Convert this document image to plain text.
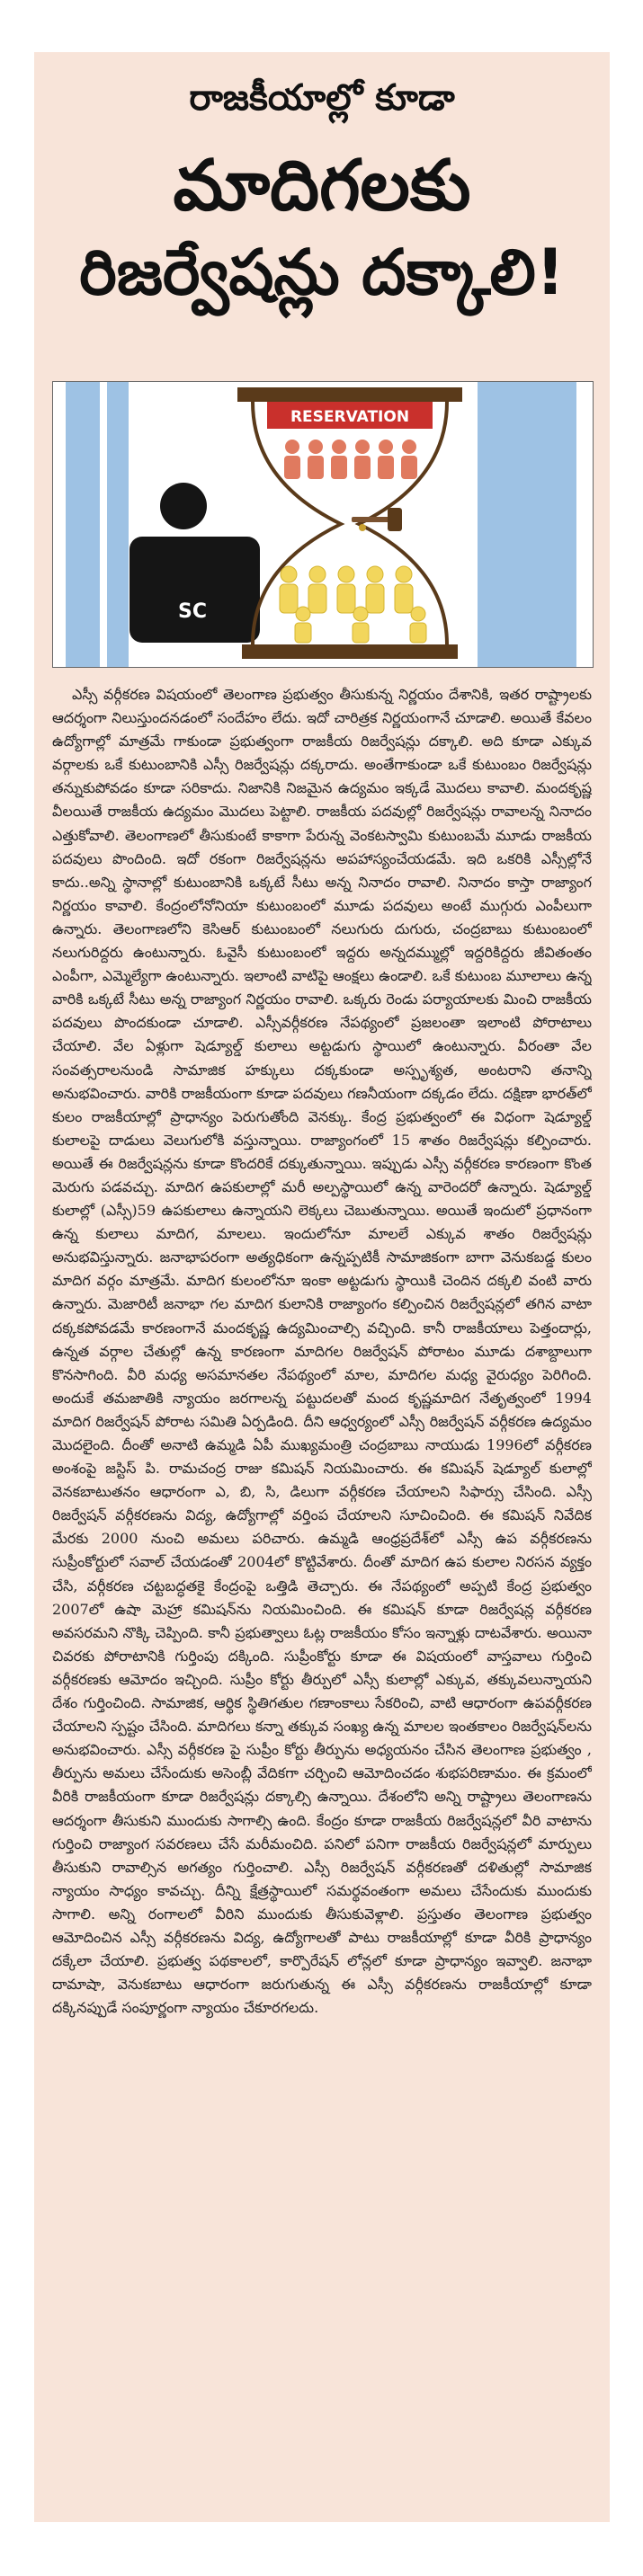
రాజకీయాల్లో కూడా
మాదిగలకు
రిజర్వేషన్లు దక్కాలి!
SC
RESERVATION
ఎస్సీ వర్గీకరణ విషయంలో తెలంగాణ ప్రభుత్వం తీసుకున్న నిర్ణయం దేశానికి, ఇతర రాష్ట్రాలకు ఆదర్శంగా నిలుస్తుందనడంలో సందేహం లేదు. ఇదో చారిత్రక నిర్ణయంగానే చూడాలి. అయితే కేవలం ఉద్యోగాల్లో మాత్రమే గాకుండా ప్రభుత్వంగా రాజకీయ రిజర్వేషన్లు దక్కాలి. అది కూడా ఎక్కువ వర్గాలకు ఒకే కుటుంబానికి ఎస్సీ రిజర్వేషన్లు దక్కరాదు. అంతేగాకుండా ఒకే కుటుంబం రిజర్వేషన్లు తన్నుకుపోవడం కూడా సరికాదు. నిజానికి నిజమైన ఉద్యమం ఇక్కడే మొదలు కావాలి. మందకృష్ణ వీలయితే రాజకీయ ఉద్యమం మొదలు పెట్టాలి. రాజకీయ పదవుల్లో రిజర్వేషన్లు రావాలన్న నినాదం ఎత్తుకోవాలి. తెలంగాణలో తీసుకుంటే కాకాగా పేరున్న వెంకటస్వామి కుటుంబమే మూడు రాజకీయ పదవులు పొందింది. ఇదో రకంగా రిజర్వేషన్లను అపహాస్యంచేయడమే. ఇది ఒకరికి ఎస్సీల్లోనే కాదు..అన్ని స్థానాల్లో కుటుంబానికి ఒక్కటే సీటు అన్న నినాదం రావాలి. నినాదం కాస్తా రాజ్యాంగ నిర్ణయం కావాలి. కేంద్రంలోనోనియా కుటుంబంలో మూడు పదవులు అంటే ముగ్గురు ఎంపీలుగా ఉన్నారు. తెలంగాణలోని కెసిఆర్ కుటుంబంలో నలుగురు దుగురు, చంద్రబాబు కుటుంబంలో నలుగురిద్దరు ఉంటున్నారు. ఓవైసీ కుటుంబంలో ఇద్దరు అన్నదమ్ముల్లో ఇద్దరికిద్దరు జీవితంతం ఎంపీగా, ఎమ్మెల్యేగా ఉంటున్నారు. ఇలాంటి వాటిపై ఆంక్షలు ఉండాలి. ఒకే కుటుంబ మూలాలు ఉన్న వారికి ఒక్కటే సీటు అన్న రాజ్యాంగ నిర్ణయం రావాలి. ఒక్కరు రెండు పర్యాయాలకు మించి రాజకీయ పదవులు పొందకుండా చూడాలి. ఎస్సీవర్గీకరణ నేపథ్యంలో ప్రజలంతా ఇలాంటి పోరాటాలు చేయాలి. వేల ఏళ్లుగా షెడ్యూల్డ్ కులాలు అట్టడుగు స్థాయిలో ఉంటున్నారు. వీరంతా వేల సంవత్సరాలనుండి సామాజిక హక్కులు దక్కకుండా అస్పృశ్యత, అంటరాని తనాన్ని అనుభవించారు. వారికి రాజకీయంగా కూడా పదవులు గణనీయంగా దక్కడం లేదు. దక్షిణా భారత్‌లో కులం రాజకీయాల్లో ప్రాధాన్యం పెరుగుతోంది వెనక్కు. కేంద్ర ప్రభుత్వంలో ఈ విధంగా షెడ్యూల్డ్ కులాలపై దాడులు వెలుగులోకి వస్తున్నాయి. రాజ్యాంగంలో 15 శాతం రిజర్వేషన్లు కల్పించారు. అయితే ఈ రిజర్వేషన్లను కూడా కొందరికే దక్కుతున్నాయి. ఇప్పుడు ఎస్సీ వర్గీకరణ కారణంగా కొంత మెరుగు పడవచ్చు. మాదిగ ఉపకులాల్లో మరీ అల్పస్థాయిలో ఉన్న వారెందరో ఉన్నారు. షెడ్యూల్డ్ కులాల్లో (ఎస్సీ)59 ఉపకులాలు ఉన్నాయని లెక్కలు చెబుతున్నాయి. అయితే ఇందులో ప్రధానంగా ఉన్న కులాలు మాదిగ, మాలలు. ఇందులోనూ మాలలే ఎక్కువ శాతం రిజర్వేషన్లు అనుభవిస్తున్నారు. జనాభాపరంగా అత్యధికంగా ఉన్నప్పటికీ సామాజికంగా బాగా వెనుకబడ్డ కులం మాదిగ వర్గం మాత్రమే. మాదిగ కులంలోనూ ఇంకా అట్టడుగు స్థాయికి చెందిన దక్కలి వంటి వారు ఉన్నారు. మెజారిటీ జనాభా గల మాదిగ కులానికి రాజ్యాంగం కల్పించిన రిజర్వేషన్లలో తగిన వాటా దక్కకపోవడమే కారణంగానే మందకృష్ణ ఉద్యమించాల్సి వచ్చింది. కానీ రాజకీయాలు పెత్తందార్లు, ఉన్నత వర్గాల చేతుల్లో ఉన్న కారణంగా మాదిగల రిజర్వేషన్ పోరాటం మూడు దశాబ్దాలుగా కొనసాగింది. వీరి మధ్య అసమానతల నేపథ్యంలో మాల, మాదిగల మధ్య వైరుధ్యం పెరిగింది. అందుకే తమజాతికి న్యాయం జరగాలన్న పట్టుదలతో మంద కృష్ణమాదిగ నేతృత్వంలో 1994 మాదిగ రిజర్వేషన్ పోరాట సమితి ఏర్పడింది. దీని ఆధ్వర్యంలో ఎస్సీ రిజర్వేషన్ వర్గీకరణ ఉద్యమం మొదలైంది. దీంతో అనాటి ఉమ్మడి ఏపీ ముఖ్యమంత్రి చంద్రబాబు నాయుడు 1996లో వర్గీకరణ అంశంపై జస్టిస్ పి. రామచంద్ర రాజు కమిషన్ నియమించారు. ఈ కమిషన్ షెడ్యూల్ కులాల్లో వెనకబాటుతనం ఆధారంగా ఎ, బి, సి, డిలుగా వర్గీకరణ చేయాలని సిఫార్సు చేసింది. ఎస్సీ రిజర్వేషన్ వర్గీకరణను విద్య, ఉద్యోగాల్లో వర్తింప చేయాలని సూచించింది. ఈ కమిషన్ నివేదిక మేరకు 2000 నుంచి అమలు పరిచారు. ఉమ్మడి ఆంధ్రప్రదేశ్‌లో ఎస్సీ ఉప వర్గీకరణను సుప్రీంకోర్టులో సవాల్ చేయడంతో 2004లో కొట్టివేశారు. దీంతో మాదిగ ఉప కులాల నిరసన వ్యక్తం చేసి, వర్గీకరణ చట్టబద్ధతకై కేంద్రంపై ఒత్తిడి తెచ్చారు. ఈ నేపథ్యంలో అప్పటి కేంద్ర ప్రభుత్వం 2007లో ఉషా మెహ్రా కమిషన్‌ను నియమించింది. ఈ కమిషన్ కూడా రిజర్వేషన్ల వర్గీకరణ అవసరమని నొక్కి చెప్పింది. కానీ ప్రభుత్వాలు ఓట్ల రాజకీయం కోసం ఇన్నాళ్లు దాటవేశారు. అయినా చివరకు పోరాటానికి గుర్తింపు దక్కింది. సుప్రీంకోర్టు కూడా ఈ విషయంలో వాస్తవాలు గుర్తించి వర్గీకరణకు ఆమోదం ఇచ్చింది. సుప్రీం కోర్టు తీర్పులో ఎస్సీ కులాల్లో ఎక్కువ, తక్కువలున్నాయని దేశం గుర్తించింది. సామాజిక, ఆర్థిక స్థితిగతుల గణాంకాలు సేకరించి, వాటి ఆధారంగా ఉపవర్గీకరణ చేయాలని స్పష్టం చేసింది. మాదిగలు కన్నా తక్కువ సంఖ్య ఉన్న మాలల ఇంతకాలం రిజర్వేషన్‌లను అనుభవించారు. ఎస్సీ వర్గీకరణ పై సుప్రీం కోర్టు తీర్పును అధ్యయనం చేసిన తెలంగాణ ప్రభుత్వం , తీర్పును అమలు చేసేందుకు అసెంబ్లీ వేదికగా చర్చించి ఆమోదించడం శుభపరిణామం. ఈ క్రమంలో వీరికి రాజకీయంగా కూడా రిజర్వేషన్లు దక్కాల్సి ఉన్నాయి. దేశంలోని అన్ని రాష్ట్రాలు తెలంగాణను ఆదర్శంగా తీసుకుని ముందుకు సాగాల్సి ఉంది. కేంద్రం కూడా రాజకీయ రిజర్వేషన్లలో వీరి వాటాను గుర్తించి రాజ్యాంగ సవరణలు చేసే మరీమంచిది. పనిలో పనిగా రాజకీయ రిజర్వేషన్లలో మార్పులు తీసుకుని రావాల్సిన అగత్యం గుర్తించాలి. ఎస్సీ రిజర్వేషన్ వర్గీకరణతో దళితుల్లో సామాజిక న్యాయం సాధ్యం కావచ్చు. దీన్ని క్షేత్రస్థాయిలో సమర్థవంతంగా అమలు చేసేందుకు ముందుకు సాగాలి. అన్ని రంగాలలో వీరిని ముందుకు తీసుకువెళ్లాలి. ప్రస్తుతం తెలంగాణ ప్రభుత్వం ఆమోదించిన ఎస్సీ వర్గీకరణను విద్య, ఉద్యోగాలతో పాటు రాజకీయాల్లో కూడా వీరికి ప్రాధాన్యం దక్కేలా చేయాలి. ప్రభుత్వ పథకాలలో, కార్పొరేషన్ లోన్లలో కూడా ప్రాధాన్యం ఇవ్వాలి. జనాభా దామాషా, వెనుకబాటు ఆధారంగా జరుగుతున్న ఈ ఎస్సీ వర్గీకరణను రాజకీయాల్లో కూడా దక్కినప్పుడే సంపూర్ణంగా న్యాయం చేకూరగలదు.
